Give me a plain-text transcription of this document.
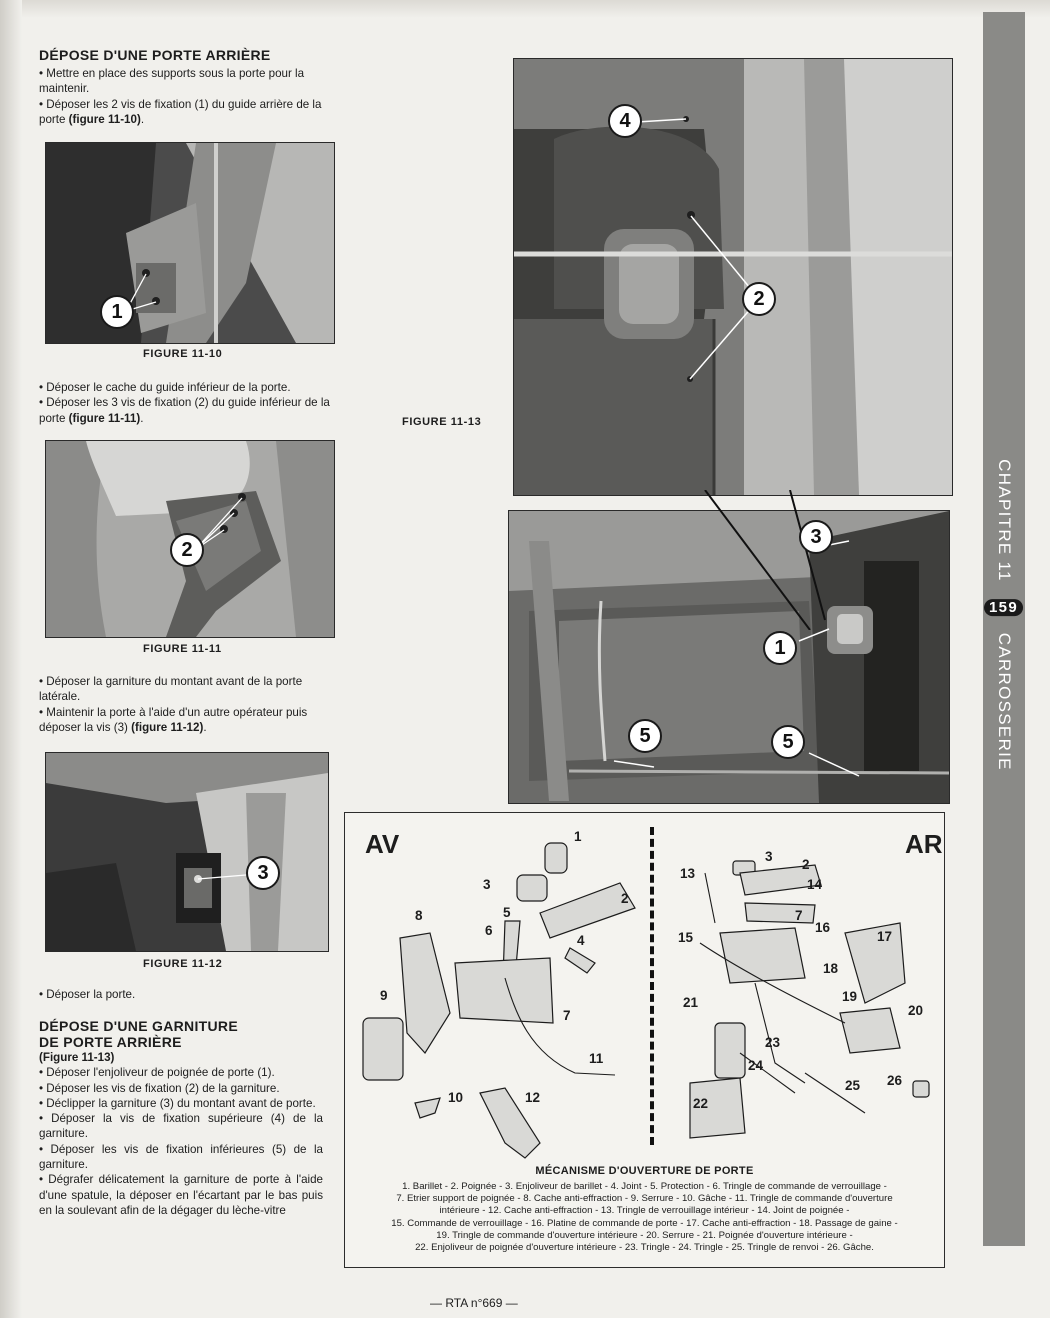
DÉPOSE D'UNE PORTE ARRIÈRE

• Mettre en place des supports sous la porte pour la maintenir.

• Déposer les 2 vis de fixation (1) du guide arrière de la porte (figure 11-10).

1
FIGURE 11-10

• Déposer le cache du guide inférieur de la porte.

• Déposer les 3 vis de fixation (2) du guide inférieur de la porte (figure 11-11).

2
FIGURE 11-11

• Déposer la garniture du montant avant de la porte latérale.

• Maintenir la porte à l'aide d'un autre opérateur puis déposer la vis (3) (figure 11-12).

3
FIGURE 11-12
• Déposer la porte.
DÉPOSE D'UNE GARNITURE
DE PORTE ARRIÈRE

(Figure 11-13)

• Déposer l'enjoliveur de poignée de porte (1).

• Déposer les vis de fixation (2) de la garniture.

• Déclipper la garniture (3) du montant avant de porte.

• Déposer la vis de fixation supérieure (4) de la garniture.

• Déposer les vis de fixation inférieures (5) de la garniture.

• Dégrafer délicatement la garniture de porte à l'aide d'une spatule, la déposer en l'écartant par le bas puis en la soulevant afin de la dégager du lèche-vitre

FIGURE 11-13
4
2
3
1
5	5
AV	AR
1
3
2
5
6
4
8
9
7
11
10	12
13
3
2
14
7
15
16
17
18
19
20
21
23
24
25 26
22
MÉCANISME D'OUVERTURE DE PORTE
1. Barillet - 2. Poignée - 3. Enjoliveur de barillet - 4. Joint - 5. Protection - 6. Tringle de commande de verrouillage -
7. Etrier support de poignée - 8. Cache anti-effraction - 9. Serrure - 10. Gâche - 11. Tringle de commande d'ouverture
intérieure - 12. Cache anti-effraction - 13. Tringle de verrouillage intérieur - 14. Joint de poignée -
15. Commande de verrouillage - 16. Platine de commande de porte - 17. Cache anti-effraction - 18. Passage de gaine -
19. Tringle de commande d'ouverture intérieure - 20. Serrure - 21. Poignée d'ouverture intérieure -
22. Enjoliveur de poignée d'ouverture intérieure - 23. Tringle - 24. Tringle - 25. Tringle de renvoi - 26. Gâche.
CHAPITRE 11159CARROSSERIE
— RTA n°669 —
